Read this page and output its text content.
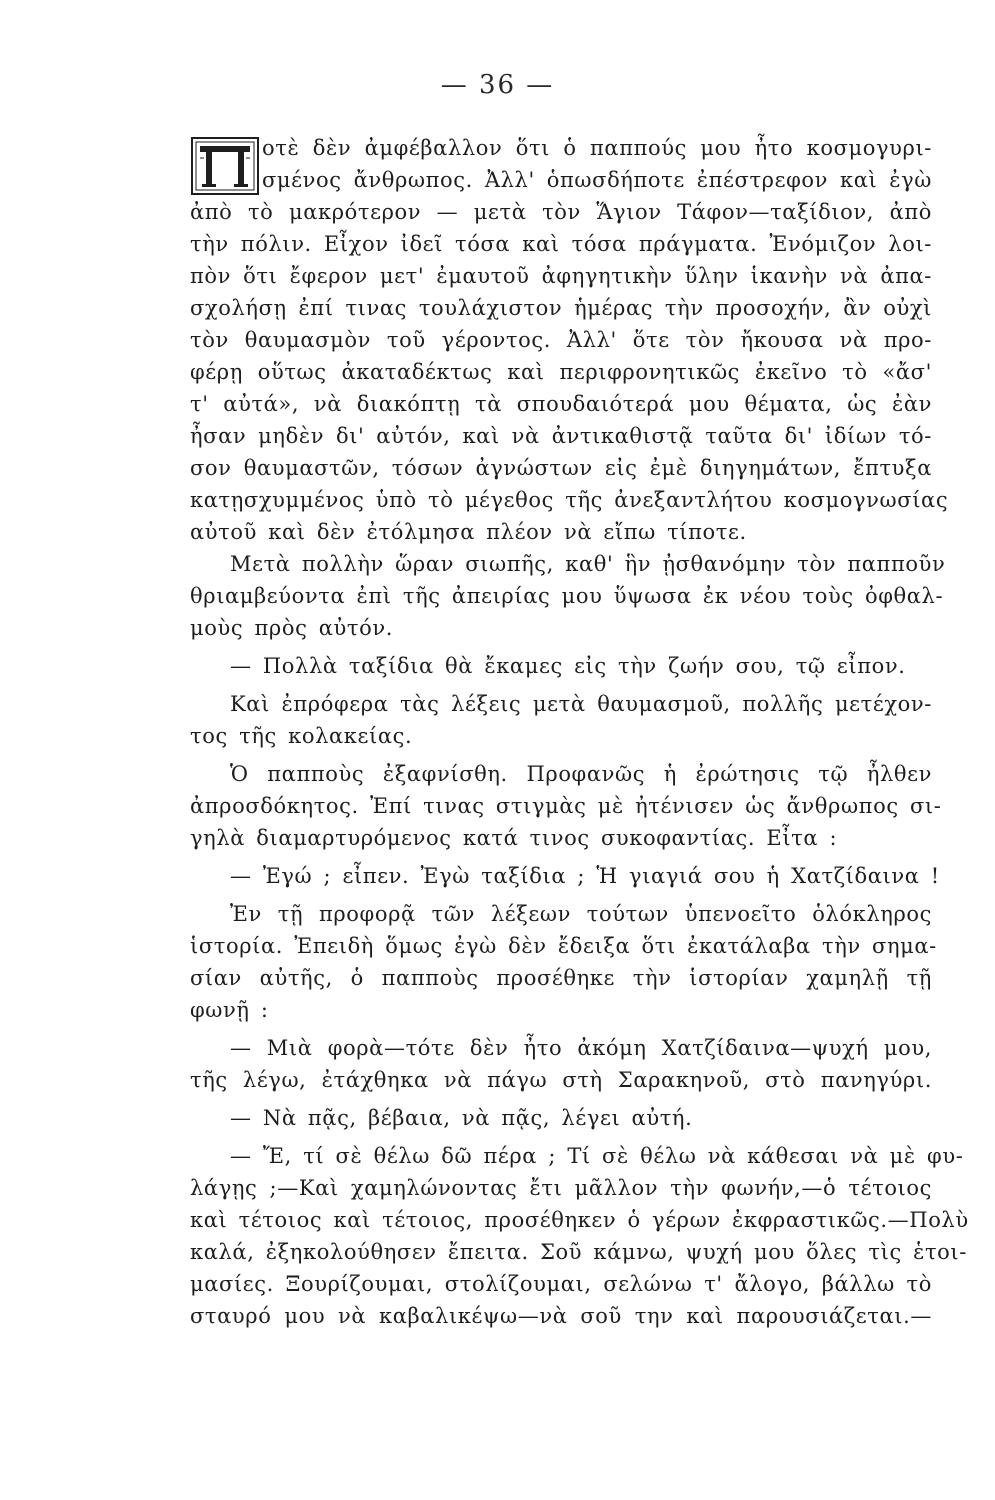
— 36 —
οτὲ δὲν ἀμφέβαλλον ὅτι ὁ παππούς μου ἦτο κοσμογυρι-
σμένος ἄνθρωπος. Ἀλλ' ὁπωσδήποτε ἐπέστρεφον καὶ ἐγὼ
ἀπὸ τὸ μακρότερον — μετὰ τὸν Ἅγιον Τάφον—ταξίδιον, ἀπὸ
τὴν πόλιν. Εἶχον ἰδεῖ τόσα καὶ τόσα πράγματα. Ἐνόμιζον λοι-
πὸν ὅτι ἔφερον μετ' ἐμαυτοῦ ἀφηγητικὴν ὕλην ἱκανὴν νὰ ἀπα-
σχολήσῃ ἐπί τινας τουλάχιστον ἡμέρας τὴν προσοχήν, ἂν οὐχὶ
τὸν θαυμασμὸν τοῦ γέροντος. Ἀλλ' ὅτε τὸν ἤκουσα νὰ προ-
φέρῃ οὕτως ἀκαταδέκτως καὶ περιφρονητικῶς ἐκεῖνο τὸ «ἄσ'
τ' αὐτά», νὰ διακόπτῃ τὰ σπουδαιότερά μου θέματα, ὡς ἐὰν
ἦσαν μηδὲν δι' αὐτόν, καὶ νὰ ἀντικαθιστᾷ ταῦτα δι' ἰδίων τό-
σον θαυμαστῶν, τόσων ἀγνώστων εἰς ἐμὲ διηγημάτων, ἔπτυξα
κατῃσχυμμένος ὑπὸ τὸ μέγεθος τῆς ἀνεξαντλήτου κοσμογνωσίας
αὐτοῦ καὶ δὲν ἐτόλμησα πλέον νὰ εἴπω τίποτε.
Μετὰ πολλὴν ὥραν σιωπῆς, καθ' ἣν ᾐσθανόμην τὸν παπποῦν
θριαμβεύοντα ἐπὶ τῆς ἀπειρίας μου ὕψωσα ἐκ νέου τοὺς ὀφθαλ-
μοὺς πρὸς αὐτόν.
— Πολλὰ ταξίδια θὰ ἔκαμες εἰς τὴν ζωήν σου, τῷ εἶπον.
Καὶ ἐπρόφερα τὰς λέξεις μετὰ θαυμασμοῦ, πολλῆς μετέχον-
τος τῆς κολακείας.
Ὁ παπποὺς ἐξαφνίσθη. Προφανῶς ἡ ἐρώτησις τῷ ἦλθεν
ἀπροσδόκητος. Ἐπί τινας στιγμὰς μὲ ἠτένισεν ὡς ἄνθρωπος σι-
γηλὰ διαμαρτυρόμενος κατά τινος συκοφαντίας. Εἶτα :
— Ἐγώ ; εἶπεν. Ἐγὼ ταξίδια ; Ἡ γιαγιά σου ἡ Χατζίδαινα !
Ἐν τῇ προφορᾷ τῶν λέξεων τούτων ὑπενοεῖτο ὁλόκληρος
ἱστορία. Ἐπειδὴ ὅμως ἐγὼ δὲν ἔδειξα ὅτι ἐκατάλαβα τὴν σημα-
σίαν αὐτῆς, ὁ παπποὺς προσέθηκε τὴν ἱστορίαν χαμηλῇ τῇ
φωνῇ :
— Μιὰ φορὰ—τότε δὲν ἦτο ἀκόμη Χατζίδαινα—ψυχή μου,
τῆς λέγω, ἐτάχθηκα νὰ πάγω στὴ Σαρακηνοῦ, στὸ πανηγύρι.
— Νὰ πᾷς, βέβαια, νὰ πᾷς, λέγει αὐτή.
— Ἔ, τί σὲ θέλω δῶ πέρα ; Τί σὲ θέλω νὰ κάθεσαι νὰ μὲ φυ-
λάγῃς ;—Καὶ χαμηλώνοντας ἔτι μᾶλλον τὴν φωνήν,—ὁ τέτοιος
καὶ τέτοιος καὶ τέτοιος, προσέθηκεν ὁ γέρων ἐκφραστικῶς.—Πολὺ
καλά, ἐξηκολούθησεν ἔπειτα. Σοῦ κάμνω, ψυχή μου ὅλες τὶς ἑτοι-
μασίες. Ξουρίζουμαι, στολίζουμαι, σελώνω τ' ἄλογο, βάλλω τὸ
σταυρό μου νὰ καβαλικέψω—νὰ σοῦ την καὶ παρουσιάζεται.—
